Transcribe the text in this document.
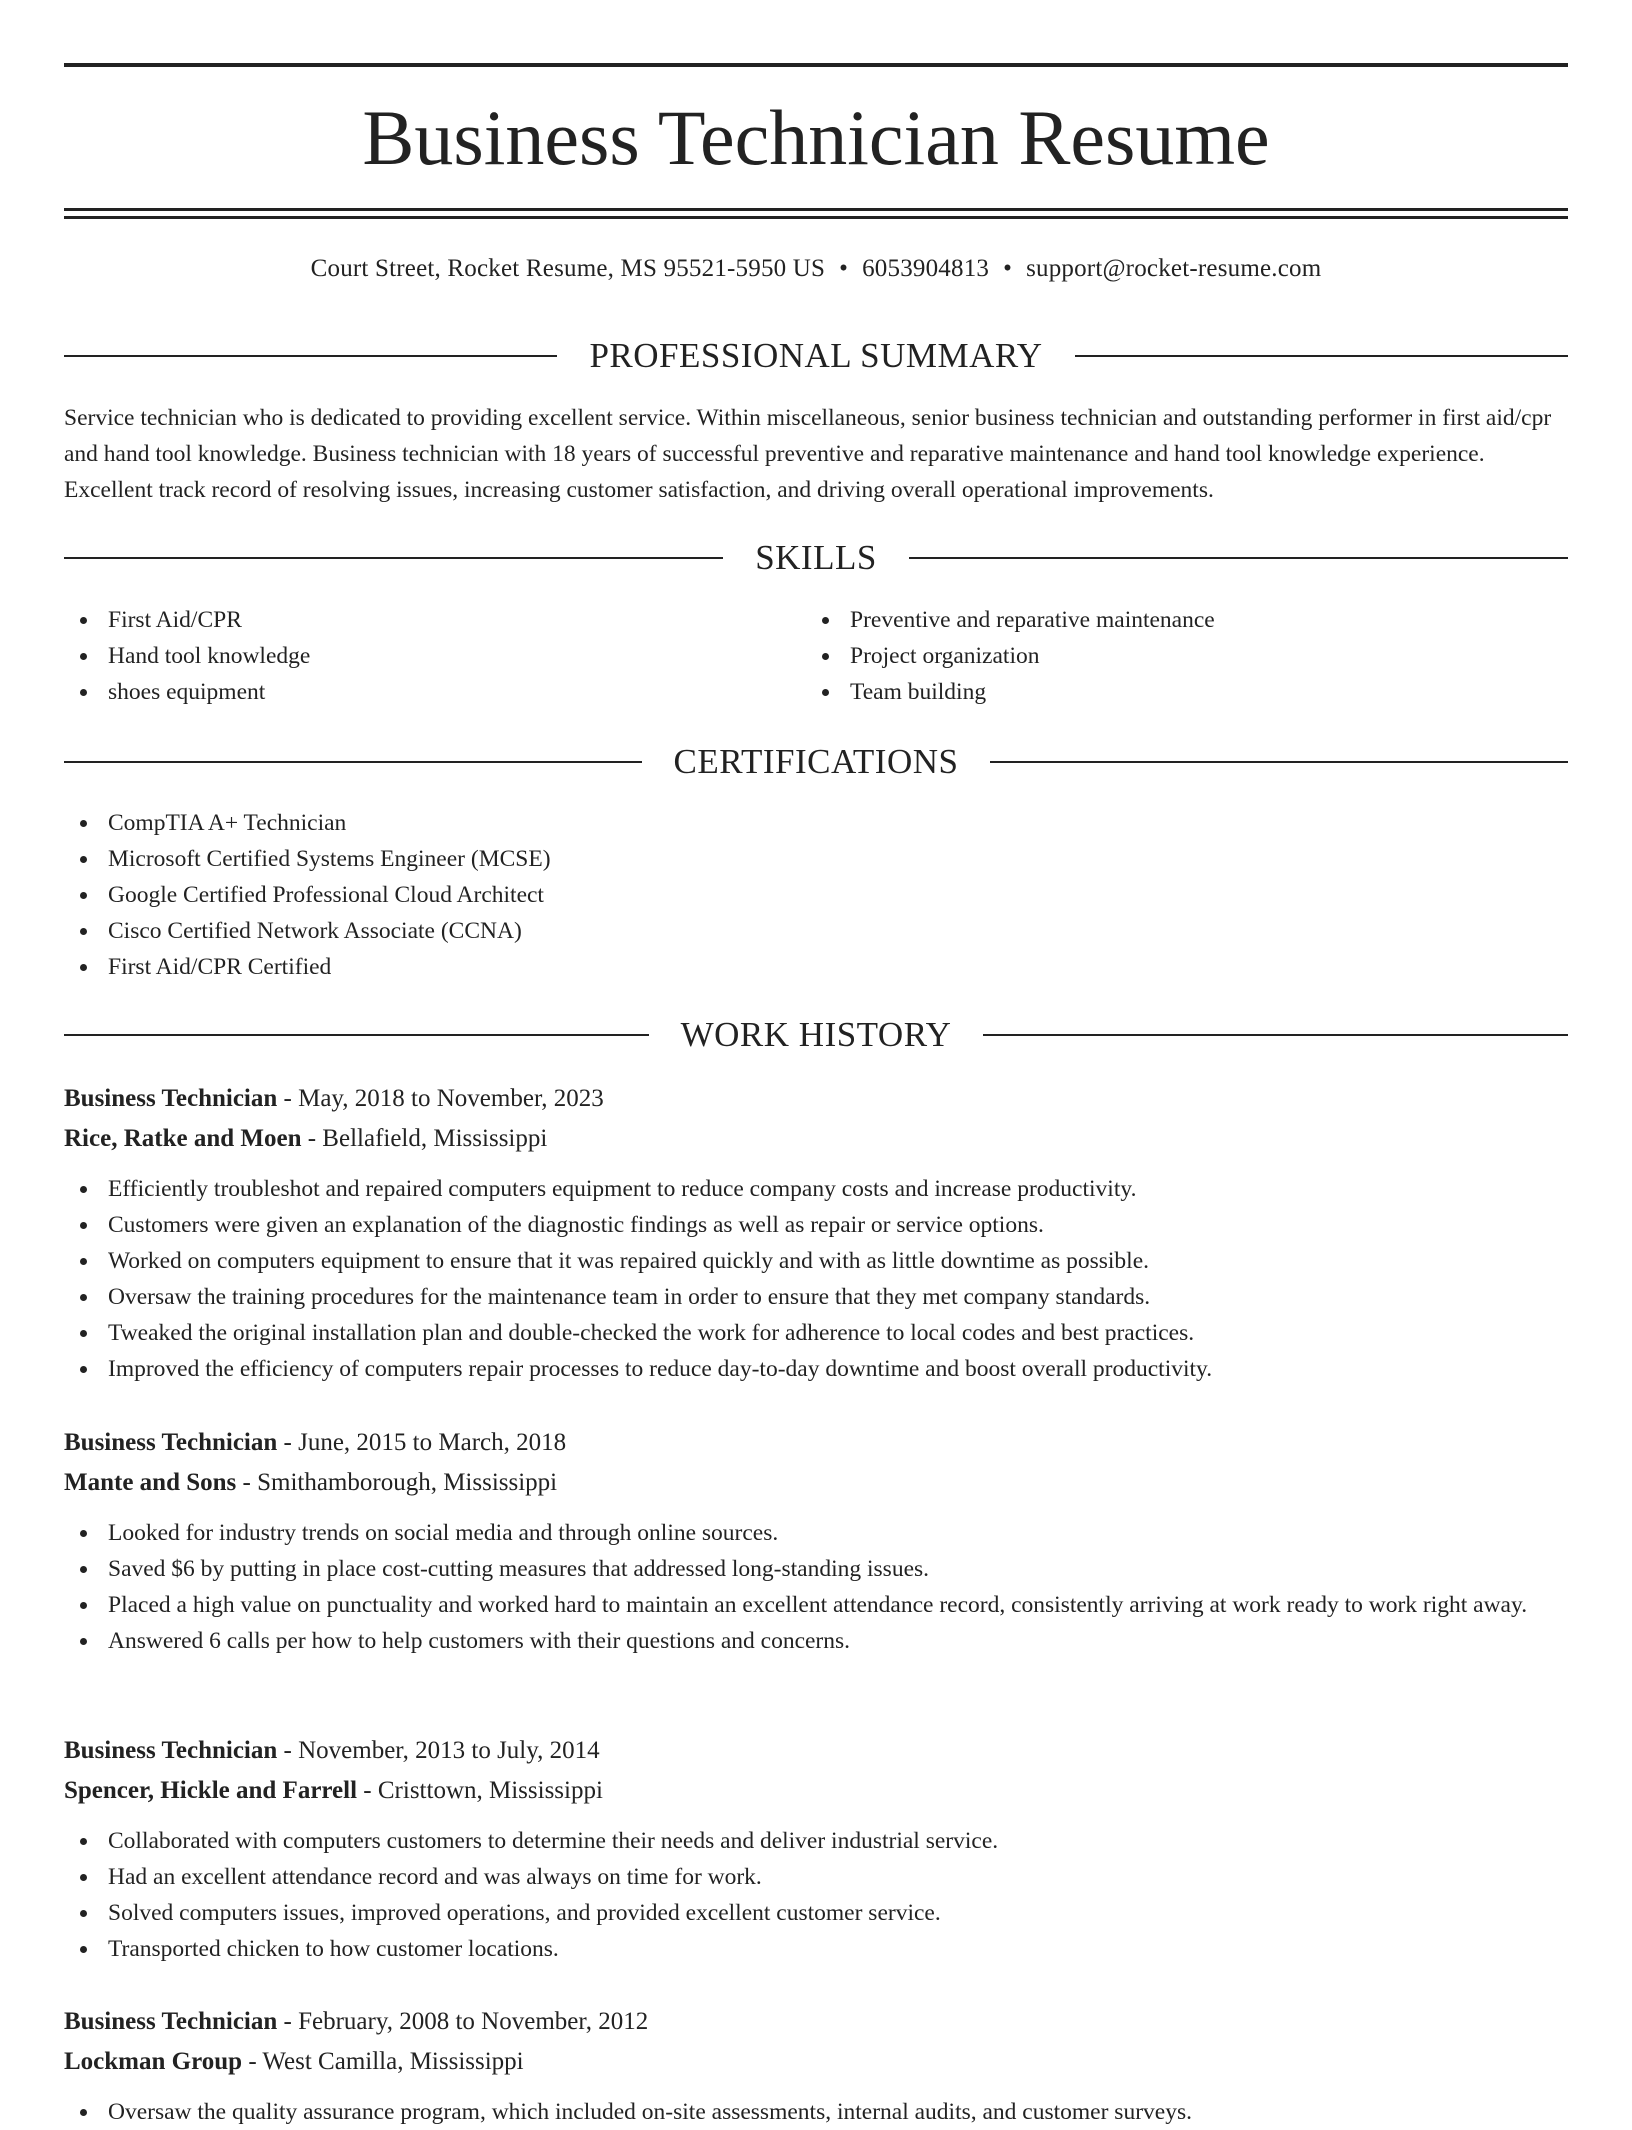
Business Technician Resume
Court Street, Rocket Resume, MS 95521-5950 US • 6053904813 • support@rocket-resume.com
PROFESSIONAL SUMMARY

Service technician who is dedicated to providing excellent service. Within miscellaneous, senior business technician and outstanding performer in first aid/cpr and hand tool knowledge. Business technician with 18 years of successful preventive and reparative maintenance and hand tool knowledge experience. Excellent track record of resolving issues, increasing customer satisfaction, and driving overall operational improvements.

SKILLS
First Aid/CPR
Hand tool knowledge
shoes equipment
Preventive and reparative maintenance
Project organization
Team building
CERTIFICATIONS
CompTIA A+ Technician
Microsoft Certified Systems Engineer (MCSE)
Google Certified Professional Cloud Architect
Cisco Certified Network Associate (CCNA)
First Aid/CPR Certified
WORK HISTORY
Business Technician - May, 2018 to November, 2023
Rice, Ratke and Moen - Bellafield, Mississippi
Efficiently troubleshot and repaired computers equipment to reduce company costs and increase productivity.
Customers were given an explanation of the diagnostic findings as well as repair or service options.
Worked on computers equipment to ensure that it was repaired quickly and with as little downtime as possible.
Oversaw the training procedures for the maintenance team in order to ensure that they met company standards.
Tweaked the original installation plan and double-checked the work for adherence to local codes and best practices.
Improved the efficiency of computers repair processes to reduce day-to-day downtime and boost overall productivity.
Business Technician - June, 2015 to March, 2018
Mante and Sons - Smithamborough, Mississippi
Looked for industry trends on social media and through online sources.
Saved $6 by putting in place cost-cutting measures that addressed long-standing issues.
Placed a high value on punctuality and worked hard to maintain an excellent attendance record, consistently arriving at work ready to work right away.
Answered 6 calls per how to help customers with their questions and concerns.
Business Technician - November, 2013 to July, 2014
Spencer, Hickle and Farrell - Cristtown, Mississippi
Collaborated with computers customers to determine their needs and deliver industrial service.
Had an excellent attendance record and was always on time for work.
Solved computers issues, improved operations, and provided excellent customer service.
Transported chicken to how customer locations.
Business Technician - February, 2008 to November, 2012
Lockman Group - West Camilla, Mississippi
Oversaw the quality assurance program, which included on-site assessments, internal audits, and customer surveys.
